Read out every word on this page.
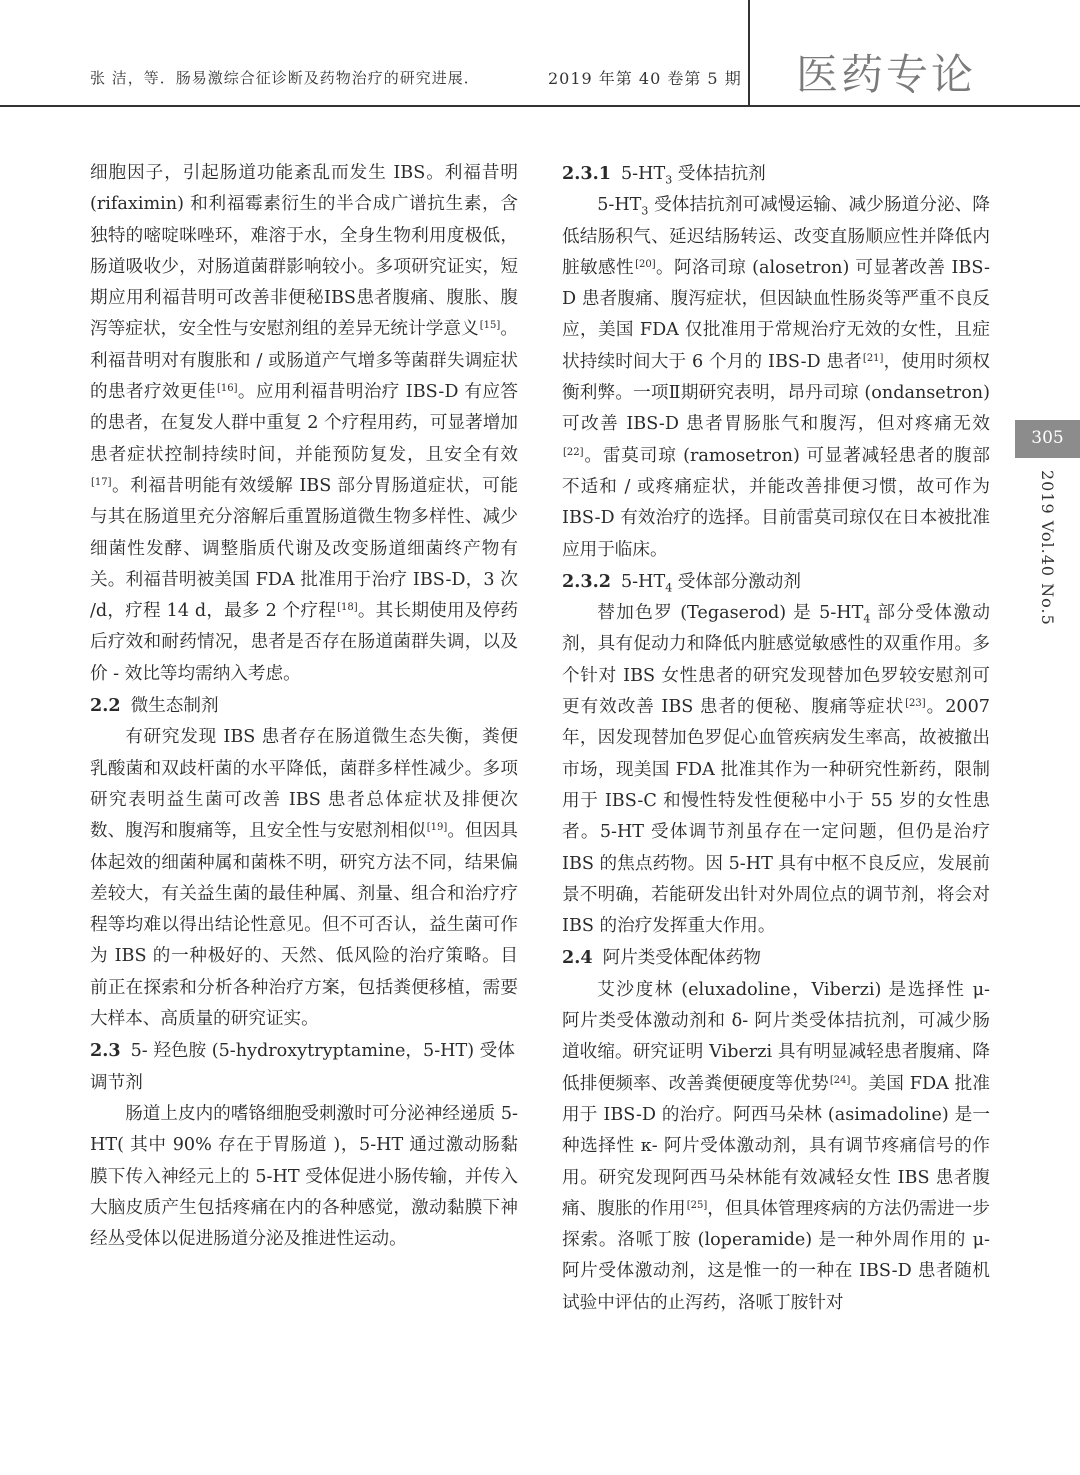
张 洁，等．肠易激综合征诊断及药物治疗的研究进展．	2019 年第 40 卷第 5 期 医药专论

细胞因子，引起肠道功能紊乱而发生 IBS。利福昔明 (rifaximin) 和利福霉素衍生的半合成广谱抗生素，含独特的嘧啶咪唑环，难溶于水，全身生物利用度极低，肠道吸收少，对肠道菌群影响较小。多项研究证实，短期应用利福昔明可改善非便秘IBS患者腹痛、腹胀、腹泻等症状，安全性与安慰剂组的差异无统计学意义[15]。利福昔明对有腹胀和 / 或肠道产气增多等菌群失调症状的患者疗效更佳[16]。应用利福昔明治疗 IBS-D 有应答的患者，在复发人群中重复 2 个疗程用药，可显著增加患者症状控制持续时间，并能预防复发，且安全有效[17]。利福昔明能有效缓解 IBS 部分胃肠道症状，可能与其在肠道里充分溶解后重置肠道微生物多样性、减少细菌性发酵、调整脂质代谢及改变肠道细菌终产物有关。利福昔明被美国 FDA 批准用于治疗 IBS-D，3 次 /d，疗程 14 d，最多 2 个疗程[18]。其长期使用及停药后疗效和耐药情况，患者是否存在肠道菌群失调，以及价 - 效比等均需纳入考虑。

2.2 微生态制剂

有研究发现 IBS 患者存在肠道微生态失衡，粪便乳酸菌和双歧杆菌的水平降低，菌群多样性减少。多项研究表明益生菌可改善 IBS 患者总体症状及排便次数、腹泻和腹痛等，且安全性与安慰剂相似[19]。但因具体起效的细菌种属和菌株不明，研究方法不同，结果偏差较大，有关益生菌的最佳种属、剂量、组合和治疗疗程等均难以得出结论性意见。但不可否认，益生菌可作为 IBS 的一种极好的、天然、低风险的治疗策略。目前正在探索和分析各种治疗方案，包括粪便移植，需要大样本、高质量的研究证实。

2.3 5- 羟色胺 (5-hydroxytryptamine，5-HT) 受体调节剂

肠道上皮内的嗜铬细胞受刺激时可分泌神经递质 5-HT( 其中 90% 存在于胃肠道 )，5-HT 通过激动肠黏膜下传入神经元上的 5-HT 受体促进小肠传输，并传入大脑皮质产生包括疼痛在内的各种感觉，激动黏膜下神经丛受体以促进肠道分泌及推进性运动。

2.3.1 $5-HT_3$ 受体拮抗剂

$5-HT_3$ 受体拮抗剂可减慢运输、减少肠道分泌、降低结肠积气、延迟结肠转运、改变直肠顺应性并降低内脏敏感性[20]。阿洛司琼 (alosetron) 可显著改善 IBS-D 患者腹痛、腹泻症状，但因缺血性肠炎等严重不良反应，美国 FDA 仅批准用于常规治疗无效的女性，且症状持续时间大于 6 个月的 IBS-D 患者[21]，使用时须权衡利弊。一项Ⅱ期研究表明，昂丹司琼 (ondansetron) 可改善 IBS-D 患者胃肠胀气和腹泻，但对疼痛无效[22]。雷莫司琼 (ramosetron) 可显著减轻患者的腹部不适和 / 或疼痛症状，并能改善排便习惯，故可作为 IBS-D 有效治疗的选择。目前雷莫司琼仅在日本被批准应用于临床。

2.3.2 $5-HT_4$ 受体部分激动剂

替加色罗 (Tegaserod) 是 $5-HT_4$ 部分受体激动剂，具有促动力和降低内脏感觉敏感性的双重作用。多个针对 IBS 女性患者的研究发现替加色罗较安慰剂可更有效改善 IBS 患者的便秘、腹痛等症状[23]。2007 年，因发现替加色罗促心血管疾病发生率高，故被撤出市场，现美国 FDA 批准其作为一种研究性新药，限制用于 IBS-C 和慢性特发性便秘中小于 55 岁的女性患者。5-HT 受体调节剂虽存在一定问题，但仍是治疗 IBS 的焦点药物。因 5-HT 具有中枢不良反应，发展前景不明确，若能研发出针对外周位点的调节剂，将会对 IBS 的治疗发挥重大作用。

2.4 阿片类受体配体药物

艾沙度林 (eluxadoline，Viberzi) 是选择性 μ- 阿片类受体激动剂和 δ- 阿片类受体拮抗剂，可减少肠道收缩。研究证明 Viberzi 具有明显减轻患者腹痛、降低排便频率、改善粪便硬度等优势[24]。美国 FDA 批准用于 IBS-D 的治疗。阿西马朵林 (asimadoline) 是一种选择性 κ- 阿片受体激动剂，具有调节疼痛信号的作用。研究发现阿西马朵林能有效减轻女性 IBS 患者腹痛、腹胀的作用[25]，但具体管理疼病的方法仍需进一步探索。洛哌丁胺 (loperamide) 是一种外周作用的 μ- 阿片受体激动剂，这是惟一的一种在 IBS-D 患者随机试验中评估的止泻药，洛哌丁胺针对

305
2019 Vol.40 No.5
